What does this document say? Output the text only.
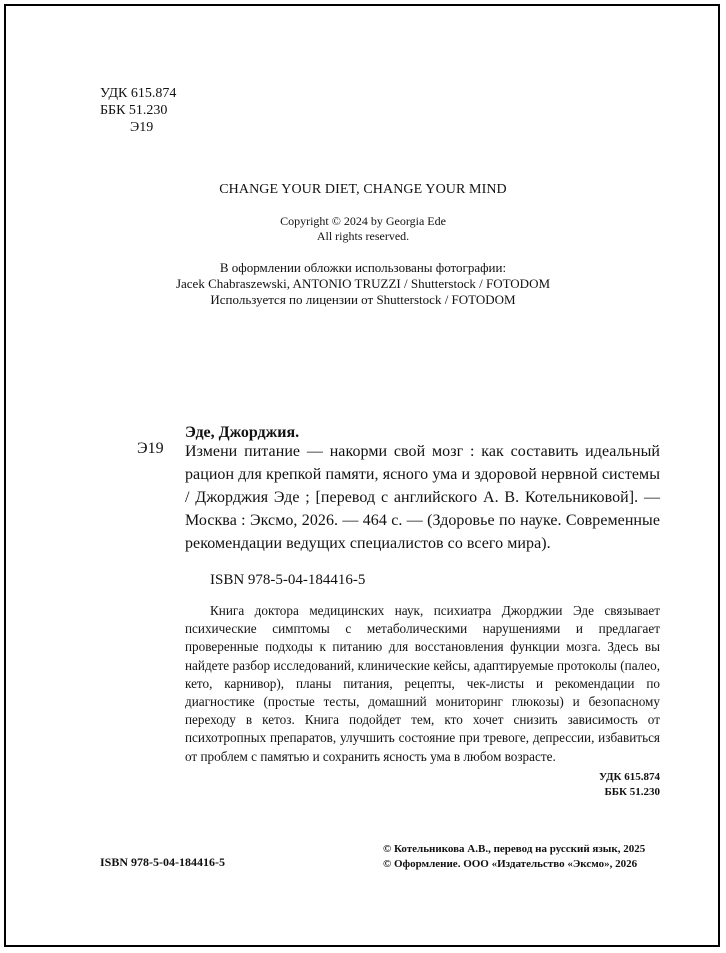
УДК 615.874
ББК 51.230
Э19
CHANGE YOUR DIET, CHANGE YOUR MIND
Copyright © 2024 by Georgia Ede
All rights reserved.
В оформлении обложки использованы фотографии:
Jacek Chabraszewski, ANTONIO TRUZZI / Shutterstock / FOTODOM
Используется по лицензии от Shutterstock / FOTODOM
Эде, Джорджия.
Э19 Измени питание — накорми свой мозг : как составить идеальный рацион для крепкой памяти, ясного ума и здоровой нервной системы / Джорджия Эде ; [перевод с английского А. В. Котельниковой]. — Москва : Эксмо, 2026. — 464 с. — (Здоровье по науке. Современные рекомендации ведущих специалистов со всего мира).
ISBN 978-5-04-184416-5
Книга доктора медицинских наук, психиатра Джорджии Эде связывает психические симптомы с метаболическими нарушениями и предлагает проверенные подходы к питанию для восстановления функции мозга. Здесь вы найдете разбор исследований, клинические кейсы, адаптируемые протоколы (палео, кето, карнивор), планы питания, рецепты, чек-листы и рекомендации по диагностике (простые тесты, домашний мониторинг глюкозы) и безопасному переходу в кетоз. Книга подойдет тем, кто хочет снизить зависимость от психотропных препаратов, улучшить состояние при тревоге, депрессии, избавиться от проблем с памятью и сохранить ясность ума в любом возрасте.
УДК 615.874
ББК 51.230
ISBN 978-5-04-184416-5
© Котельникова А.В., перевод на русский язык, 2025
© Оформление. ООО «Издательство «Эксмо», 2026
